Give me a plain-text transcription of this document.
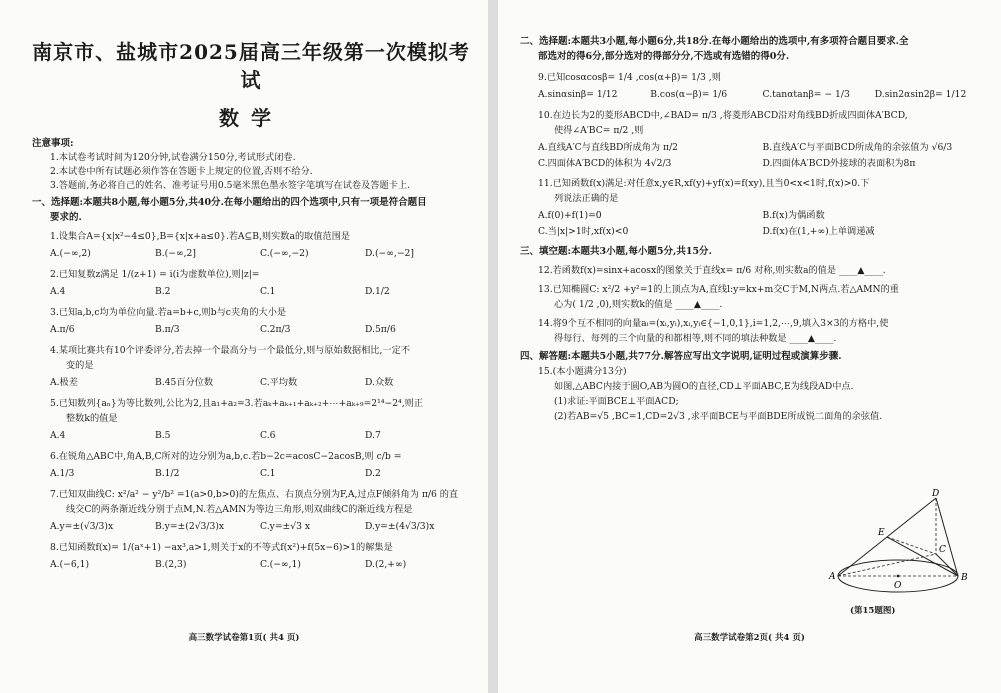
南京市、盐城市2025届高三年级第一次模拟考试

数学

注意事项:

1.本试卷考试时间为120分钟,试卷满分150分,考试形式闭卷.

2.本试卷中所有试题必须作答在答题卡上规定的位置,否则不给分.

3.答题前,务必将自己的姓名、准考证号用0.5毫米黑色墨水签字笔填写在试卷及答题卡上.

一、选择题:本题共8小题,每小题5分,共40分.在每小题给出的四个选项中,只有一项是符合题目

要求的.

1.设集合A={x|x²−4≤0},B={x|x+a≤0}.若A⊆B,则实数a的取值范围是

A.(−∞,2)	B.(−∞,2]	C.(−∞,−2)	D.(−∞,−2]

2.已知复数z满足 1/(z+1) = i(i为虚数单位),则|z|=

A.4	B.2	C.1	D.1/2

3.已知a,b,c均为单位向量.若a=b+c,则b与c夹角的大小是

A.π/6	B.π/3	C.2π/3	D.5π/6

4.某项比赛共有10个评委评分,若去掉一个最高分与一个最低分,则与原始数据相比,一定不

变的是

A.极差	B.45百分位数	C.平均数	D.众数

5.已知数列{aₙ}为等比数列,公比为2,且a₁+a₂=3.若aₖ+aₖ₊₁+aₖ₊₂+⋯+aₖ₊₉=2¹⁴−2⁴,则正

整数k的值是

A.4	B.5	C.6	D.7

6.在锐角△ABC中,角A,B,C所对的边分别为a,b,c.若b−2c=acosC−2acosB,则 c/b =

A.1/3	B.1/2	C.1	D.2

7.已知双曲线C: x²/a² − y²/b² =1(a>0,b>0)的左焦点、右顶点分别为F,A,过点F倾斜角为 π/6 的直

线交C的两条渐近线分别于点M,N.若△AMN为等边三角形,则双曲线C的渐近线方程是

A.y=±(√3/3)x	B.y=±(2√3/3)x	C.y=±√3 x	D.y=±(4√3/3)x

8.已知函数f(x)= 1/(aˣ+1) −ax³,a>1,则关于x的不等式f(x²)+f(5x−6)>1的解集是

A.(−6,1)	B.(2,3)	C.(−∞,1)	D.(2,+∞)
高三数学试卷第1页( 共4 页)

二、选择题:本题共3小题,每小题6分,共18分.在每小题给出的选项中,有多项符合题目要求.全

部选对的得6分,部分选对的得部分分,不选或有选错的得0分.

9.已知cosαcosβ= 1/4 ,cos(α+β)= 1/3 ,则

A.sinαsinβ= 1/12	B.cos(α−β)= 1/6	C.tanαtanβ= − 1/3	D.sin2αsin2β= 1/12

10.在边长为2的菱形ABCD中,∠BAD= π/3 ,将菱形ABCD沿对角线BD折成四面体A′BCD,

使得∠A′BC= π/2 ,则

A.直线A′C与直线BD所成角为 π/2	B.直线A′C与平面BCD所成角的余弦值为 √6/3
C.四面体A′BCD的体积为 4√2/3	D.四面体A′BCD外接球的表面积为8π

11.已知函数f(x)满足:对任意x,y∈R,xf(y)+yf(x)=f(xy),且当0<x<1时,f(x)>0.下

列说法正确的是

A.f(0)+f(1)=0	B.f(x)为偶函数
C.当|x|>1时,xf(x)<0	D.f(x)在(1,+∞)上单调递减

三、填空题:本题共3小题,每小题5分,共15分.

12.若函数f(x)=sinx+acosx的图象关于直线x= π/6 对称,则实数a的值是 ____▲____.

13.已知椭圆C: x²/2 +y²=1的上顶点为A,直线l:y=kx+m交C于M,N两点.若△AMN的重

心为( 1/2 ,0),则实数k的值是 ____▲____.

14.将9个互不相同的向量aᵢ=(xᵢ,yᵢ),xᵢ,yᵢ∈{−1,0,1},i=1,2,⋯,9,填入3×3的方格中,使

得每行、每列的三个向量的和都相等,则不同的填法种数是 ____▲____.

四、解答题:本题共5小题,共77分.解答应写出文字说明,证明过程或演算步骤.

15.(本小题满分13分)

如图,△ABC内接于圆O,AB为圆O的直径,CD⊥平面ABC,E为线段AD中点.

(1)求证:平面BCE⊥平面ACD;

(2)若AB=√5 ,BC=1,CD=2√3 ,求平面BCE与平面BDE所成锐二面角的余弦值.

D
E
C
A	B
O
(第15题图)
高三数学试卷第2页( 共4 页)
